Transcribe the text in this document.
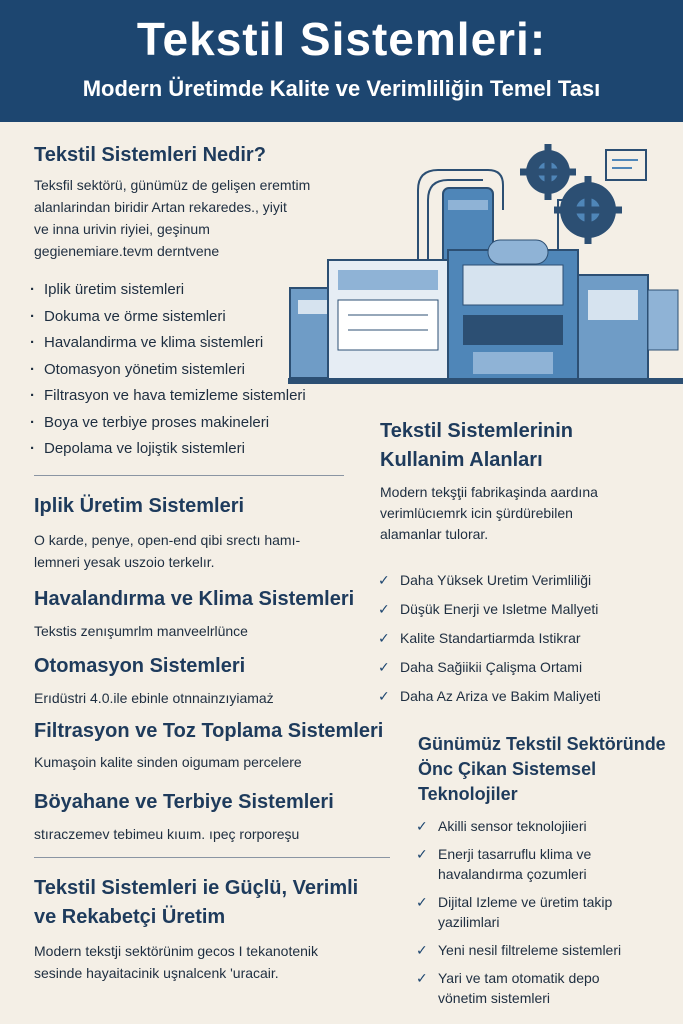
Tekstil Sistemleri:
Modern Üretimde Kalite ve Verimliliğin Temel Tası
Tekstil Sistemleri Nedir?
Teksfil sektörü, günümüz de gelişen eremtim
alanlarindan biridir Artan rekaredes., yiyit
ve inna urivin riyiei, geşinum
gegienemiare.tevm derntvene
· Iplik üretim sistemleri
· Dokuma ve örme sistemleri
· Havalandirma ve klima sistemleri
· Otomasyon yönetim sistemleri
· Filtrasyon ve hava temizleme sistemleri
· Boya ve terbiye proses makineleri
· Depolama ve lojiştik sistemleri
Iplik Üretim Sistemleri
O karde, penye, open-end qibi srectı hamı-
lemneri yesak uszoio terkelır.
Havalandırma ve Klima Sistemleri
Tekstis zenışumrlm manveelrlünce
Otomasyon Sistemleri
Erıdüstri 4.0.ile ebinle otnnainzıyiamaż
Filtrasyon ve Toz Toplama Sistemleri
Kumaşoin kalite sinden oigumam percelere
Böyahane ve Terbiye Sistemleri
stıraczemev tebimeu kıuım. ıpeç rorporeşu
Tekstil Sistemleri ie Güçlü, Verimli
ve Rekabetçi Üretim
Modern tekstji sektörünim gecos I tekanotenik
sesinde hayaitacinik uşnalcenk 'uracair.
Tekstil Sistemlerinin
Kullanim Alanları
Modern tekşţii fabrikaşinda aardına
verimlücıemrk icin şürdürebilen
alamanlar tulorar.
✓ Daha Yüksek Uretim Verimliliği
✓ Düşük Enerji ve Isletme Mallyeti
✓ Kalite Standartiarmda Istikrar
✓ Daha Sağiikii Çalişma Ortami
✓ Daha Az Ariza ve Bakim Maliyeti
Günümüz Tekstil Sektöründe
Önc Çikan Sistemsel
Teknolojiler
✓ Akilli sensor teknolojiieri
✓ Enerji tasarruflu klima ve
havalandırma çozumleri
✓ Dijital Izleme ve üretim takip
yazilimlari
✓ Yeni nesil filtreleme sistemleri
✓ Yari ve tam otomatik depo
vönetim sistemleri
